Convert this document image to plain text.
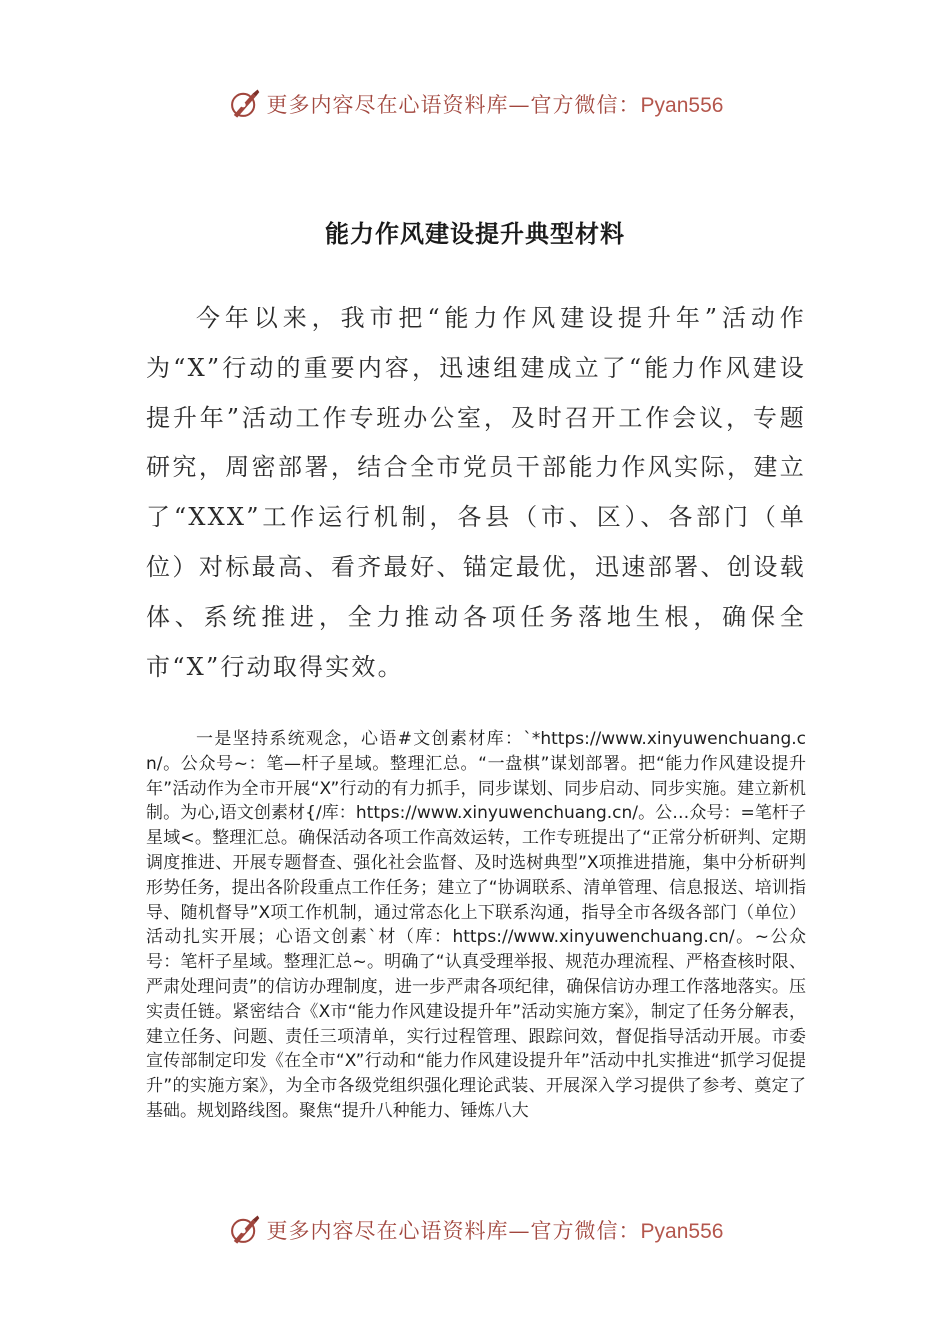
更多内容尽在心语资料库—官方微信：Pyan556
能力作风建设提升典型材料

今年以来，我市把“能力作风建设提升年”活动作为“X”行动的重要内容，迅速组建成立了“能力作风建设提升年”活动工作专班办公室，及时召开工作会议，专题研究，周密部署，结合全市党员干部能力作风实际，建立了“XXX”工作运行机制，各县（市、区）、各部门（单位）对标最高、看齐最好、锚定最优，迅速部署、创设载体、系统推进，全力推动各项任务落地生根，确保全市“X”行动取得实效。

一是坚持系统观念，心语#文创素材库：`*https://www.xinyuwenchuang.cn/。公众号~：笔—杆子星域。整理汇总。“一盘棋”谋划部署。把“能力作风建设提升年”活动作为全市开展“X”行动的有力抓手，同步谋划、同步启动、同步实施。建立新机制。为心,语文创素材{/库：https://www.xinyuwenchuang.cn/。公…众号：=笔杆子星域<。整理汇总。确保活动各项工作高效运转，工作专班提出了“正常分析研判、定期调度推进、开展专题督查、强化社会监督、及时选树典型”X项推进措施，集中分析研判形势任务，提出各阶段重点工作任务；建立了“协调联系、清单管理、信息报送、培训指导、随机督导”X项工作机制，通过常态化上下联系沟通，指导全市各级各部门（单位）活动扎实开展；心语文创素`材（库：https://www.xinyuwenchuang.cn/。~公众号：笔杆子星域。整理汇总~。明确了“认真受理举报、规范办理流程、严格查核时限、严肃处理问责”的信访办理制度，进一步严肃各项纪律，确保信访办理工作落地落实。压实责任链。紧密结合《X市“能力作风建设提升年”活动实施方案》，制定了任务分解表，建立任务、问题、责任三项清单，实行过程管理、跟踪问效，督促指导活动开展。市委宣传部制定印发《在全市“X”行动和“能力作风建设提升年”活动中扎实推进“抓学习促提升”的实施方案》，为全市各级党组织强化理论武装、开展深入学习提供了参考、奠定了基础。规划路线图。聚焦“提升八种能力、锤炼八大

更多内容尽在心语资料库—官方微信：Pyan556
